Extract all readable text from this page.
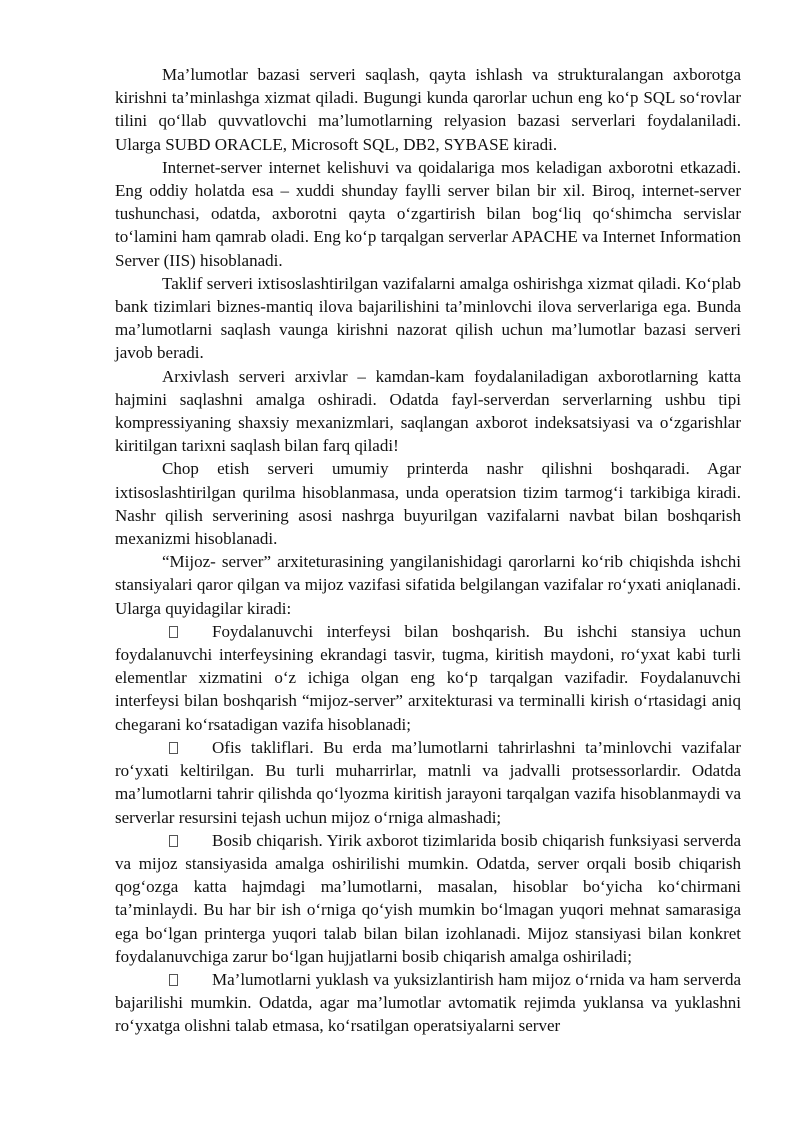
Ma’lumotlar bazasi serveri saqlash, qayta ishlash va strukturalangan axborotga kirishni ta’minlashga xizmat qiladi. Bugungi kunda qarorlar uchun eng ko‘p SQL so‘rovlar tilini qo‘llab quvvatlovchi ma’lumotlarning relyasion bazasi serverlari foydalaniladi. Ularga SUBD ORACLE, Microsoft SQL, DB2, SYBASE kiradi.

Internet-server internet kelishuvi va qoidalariga mos keladigan axborotni etkazadi. Eng oddiy holatda esa – xuddi shunday faylli server bilan bir xil. Biroq, internet-server tushunchasi, odatda, axborotni qayta o‘zgartirish bilan bog‘liq qo‘shimcha servislar to‘lamini ham qamrab oladi. Eng ko‘p tarqalgan serverlar APACHE va Internet Information Server (IIS) hisoblanadi.

Taklif serveri ixtisoslashtirilgan vazifalarni amalga oshirishga xizmat qiladi. Ko‘plab bank tizimlari biznes-mantiq ilova bajarilishini ta’minlovchi ilova serverlariga ega. Bunda ma’lumotlarni saqlash vaunga kirishni nazorat qilish uchun ma’lumotlar bazasi serveri javob beradi.

Arxivlash serveri arxivlar – kamdan-kam foydalaniladigan axborotlarning katta hajmini saqlashni amalga oshiradi. Odatda fayl-serverdan serverlarning ushbu tipi kompressiyaning shaxsiy mexanizmlari, saqlangan axborot indeksatsiyasi va o‘zgarishlar kiritilgan tarixni saqlash bilan farq qiladi!

Chop etish serveri umumiy printerda nashr qilishni boshqaradi. Agar ixtisoslashtirilgan qurilma hisoblanmasa, unda operatsion tizim tarmog‘i tarkibiga kiradi. Nashr qilish serverining asosi nashrga buyurilgan vazifalarni navbat bilan boshqarish mexanizmi hisoblanadi.

“Mijoz- server” arxiteturasining yangilanishidagi qarorlarni ko‘rib chiqishda ishchi stansiyalari qaror qilgan va mijoz vazifasi sifatida belgilangan vazifalar ro‘yxati aniqlanadi. Ularga quyidagilar kiradi:

Foydalanuvchi interfeysi bilan boshqarish. Bu ishchi stansiya uchun foydalanuvchi interfeysining ekrandagi tasvir, tugma, kiritish maydoni, ro‘yxat kabi turli elementlar xizmatini o‘z ichiga olgan eng ko‘p tarqalgan vazifadir. Foydalanuvchi interfeysi bilan boshqarish “mijoz-server” arxitekturasi va terminalli kirish o‘rtasidagi aniq chegarani ko‘rsatadigan vazifa hisoblanadi;

Ofis takliflari. Bu erda ma’lumotlarni tahrirlashni ta’minlovchi vazifalar ro‘yxati keltirilgan. Bu turli muharrirlar, matnli va jadvalli protsessorlardir. Odatda ma’lumotlarni tahrir qilishda qo‘lyozma kiritish jarayoni tarqalgan vazifa hisoblanmaydi va serverlar resursini tejash uchun mijoz o‘rniga almashadi;

Bosib chiqarish. Yirik axborot tizimlarida bosib chiqarish funksiyasi serverda va mijoz stansiyasida amalga oshirilishi mumkin. Odatda, server orqali bosib chiqarish qog‘ozga katta hajmdagi ma’lumotlarni, masalan, hisoblar bo‘yicha ko‘chirmani ta’minlaydi. Bu har bir ish o‘rniga qo‘yish mumkin bo‘lmagan yuqori mehnat samarasiga ega bo‘lgan printerga yuqori talab bilan bilan izohlanadi. Mijoz stansiyasi bilan konkret foydalanuvchiga zarur bo‘lgan hujjatlarni bosib chiqarish amalga oshiriladi;

Ma’lumotlarni yuklash va yuksizlantirish ham mijoz o‘rnida va ham serverda bajarilishi mumkin. Odatda, agar ma’lumotlar avtomatik rejimda yuklansa va yuklashni ro‘yxatga olishni talab etmasa, ko‘rsatilgan operatsiyalarni server
